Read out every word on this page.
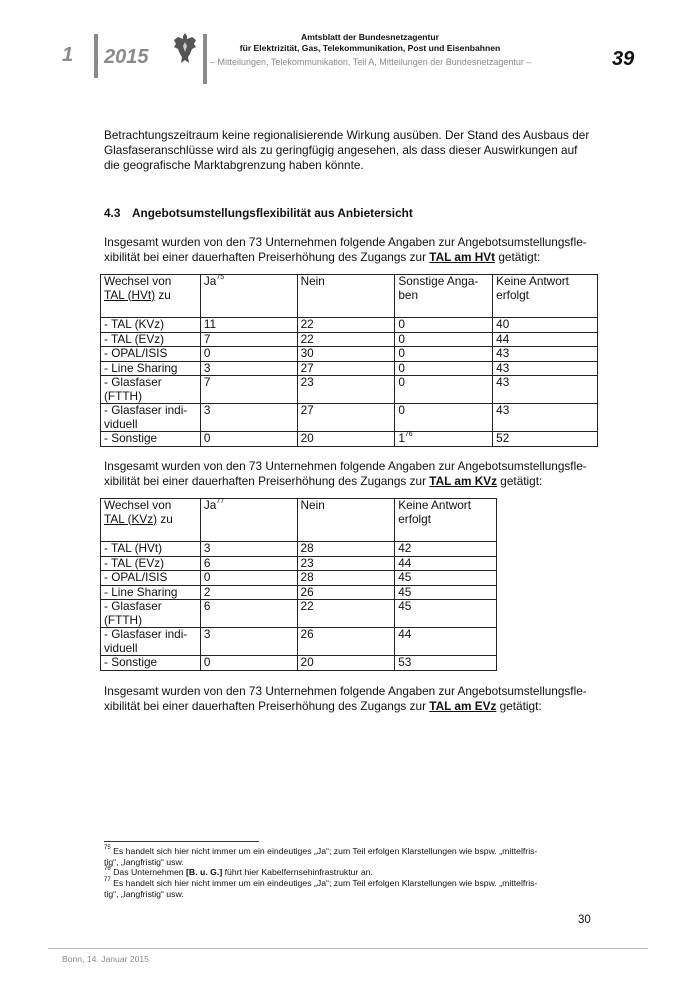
1 2015
Amtsblatt der Bundesnetzagentur
für Elektrizität, Gas, Telekommunikation, Post und Eisenbahnen
– Mitteilungen, Telekommunikation, Teil A, Mitteilungen der Bundesnetzagentur –	39
Betrachtungszeitraum keine regionalisierende Wirkung ausüben. Der Stand des Ausbaus der
Glasfaseranschlüsse wird als zu geringfügig angesehen, als dass dieser Auswirkungen auf
die geografische Marktabgrenzung haben könnte.
4.3 Angebotsumstellungsflexibilität aus Anbietersicht
Insgesamt wurden von den 73 Unternehmen folgende Angaben zur Angebotsumstellungsfle-
xibilität bei einer dauerhaften Preiserhöhung des Zugangs zur TAL am HVt getätigt:
Wechsel von
TAL (HVt) zu	Ja$^{75}$	Nein	Sonstige Anga-
ben	Keine Antwort
erfolgt
- TAL (KVz)	11	22	0	40
- TAL (EVz)	7	22	0	44
- OPAL/ISIS	0	30	0	43
- Line Sharing	3	27	0	43
- Glasfaser
(FTTH)	7	23	0	43
- Glasfaser indi-
viduell	3	27	0	43
- Sonstige	0	20	$1^{76}$	52
Insgesamt wurden von den 73 Unternehmen folgende Angaben zur Angebotsumstellungsfle-
xibilität bei einer dauerhaften Preiserhöhung des Zugangs zur TAL am KVz getätigt:
Wechsel von
TAL (KVz) zu	Ja$^{77}$	Nein	Keine Antwort
erfolgt
- TAL (HVt)	3	28	42
- TAL (EVz)	6	23	44
- OPAL/ISIS	0	28	45
- Line Sharing	2	26	45
- Glasfaser
(FTTH)	6	22	45
- Glasfaser indi-
viduell	3	26	44
- Sonstige	0	20	53
Insgesamt wurden von den 73 Unternehmen folgende Angaben zur Angebotsumstellungsfle-
xibilität bei einer dauerhaften Preiserhöhung des Zugangs zur TAL am EVz getätigt:
$^{75}$ Es handelt sich hier nicht immer um ein eindeutiges „Ja“; zum Teil erfolgen Klarstellungen wie bspw. „mittelfris-
tig“, „langfristig“ usw.
$^{76}$ Das Unternehmen [B. u. G.] führt hier Kabelfernsehinfrastruktur an.
$^{77}$ Es handelt sich hier nicht immer um ein eindeutiges „Ja“; zum Teil erfolgen Klarstellungen wie bspw. „mittelfris-
tig“, „langfristig“ usw.
30
Bonn, 14. Januar 2015
